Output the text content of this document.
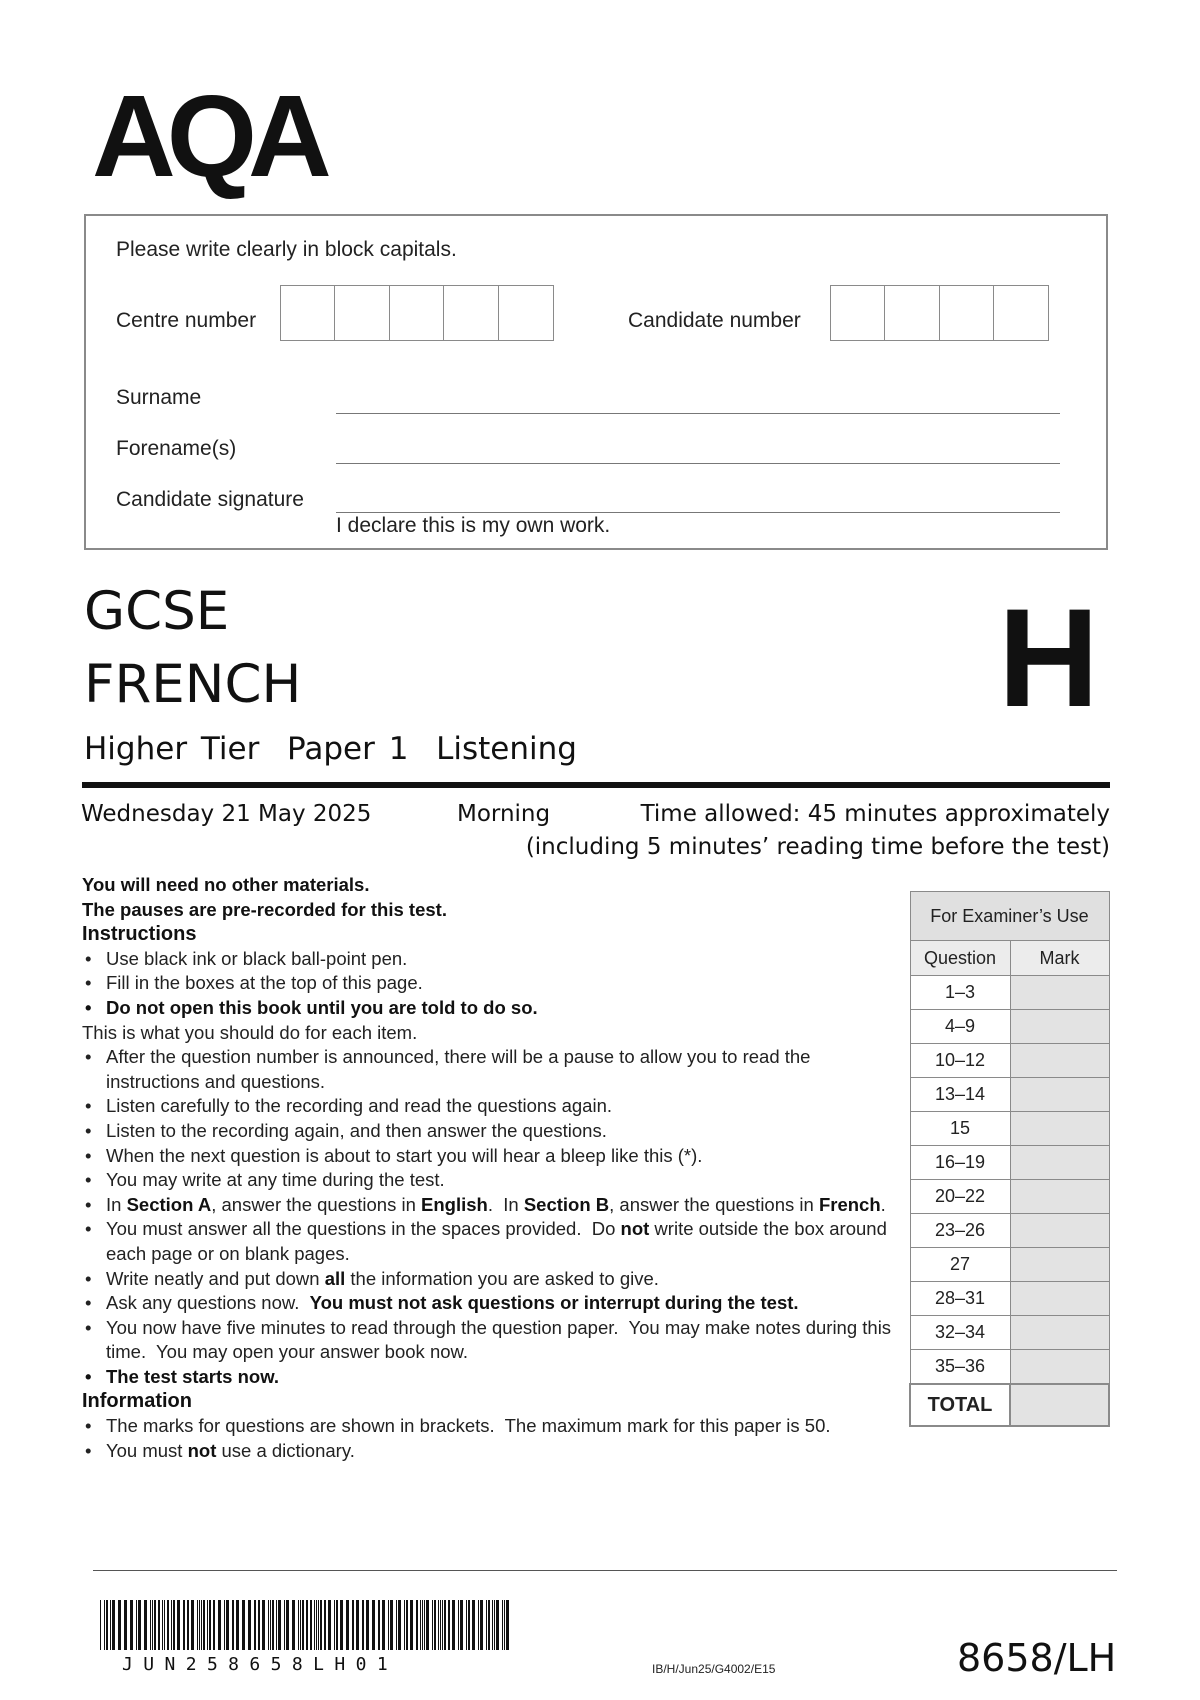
AQA
Please write clearly in block capitals.
Centre number	Candidate number
Surname
Forename(s)
Candidate signature
I declare this is my own work.
GCSE
FRENCH	H
Higher Tier  Paper 1  Listening
Wednesday 21 May 2025	Morning	Time allowed: 45 minutes approximately
(including 5 minutes’ reading time before the test)

You will need no other materials.

The pauses are pre-recorded for this test.

Instructions

• Use black ink or black ball-point pen.
• Fill in the boxes at the top of this page.
• Do not open this book until you are told to do so.

This is what you should do for each item.

• After the question number is announced, there will be a pause to allow you to read the instructions and questions.
• Listen carefully to the recording and read the questions again.
• Listen to the recording again, and then answer the questions.
• When the next question is about to start you will hear a bleep like this (*).
• You may write at any time during the test.
• In Section A, answer the questions in English.  In Section B, answer the questions in French.
• You must answer all the questions in the spaces provided.  Do not write outside the box around each page or on blank pages.
• Write neatly and put down all the information you are asked to give.
• Ask any questions now.  You must not ask questions or interrupt during the test.
• You now have five minutes to read through the question paper.  You may make notes during this time.  You may open your answer book now.
• The test starts now.

Information

• The marks for questions are shown in brackets.  The maximum mark for this paper is 50.
• You must not use a dictionary.
For Examiner’s Use	
Question	Mark
1–3	
4–9	
10–12	
13–14	
15	
16–19	
20–22	
23–26	
27	
28–31	
32–34	
35–36	
TOTAL	
JUN258658LH01	IB/H/Jun25/G4002/E15	8658/LH
